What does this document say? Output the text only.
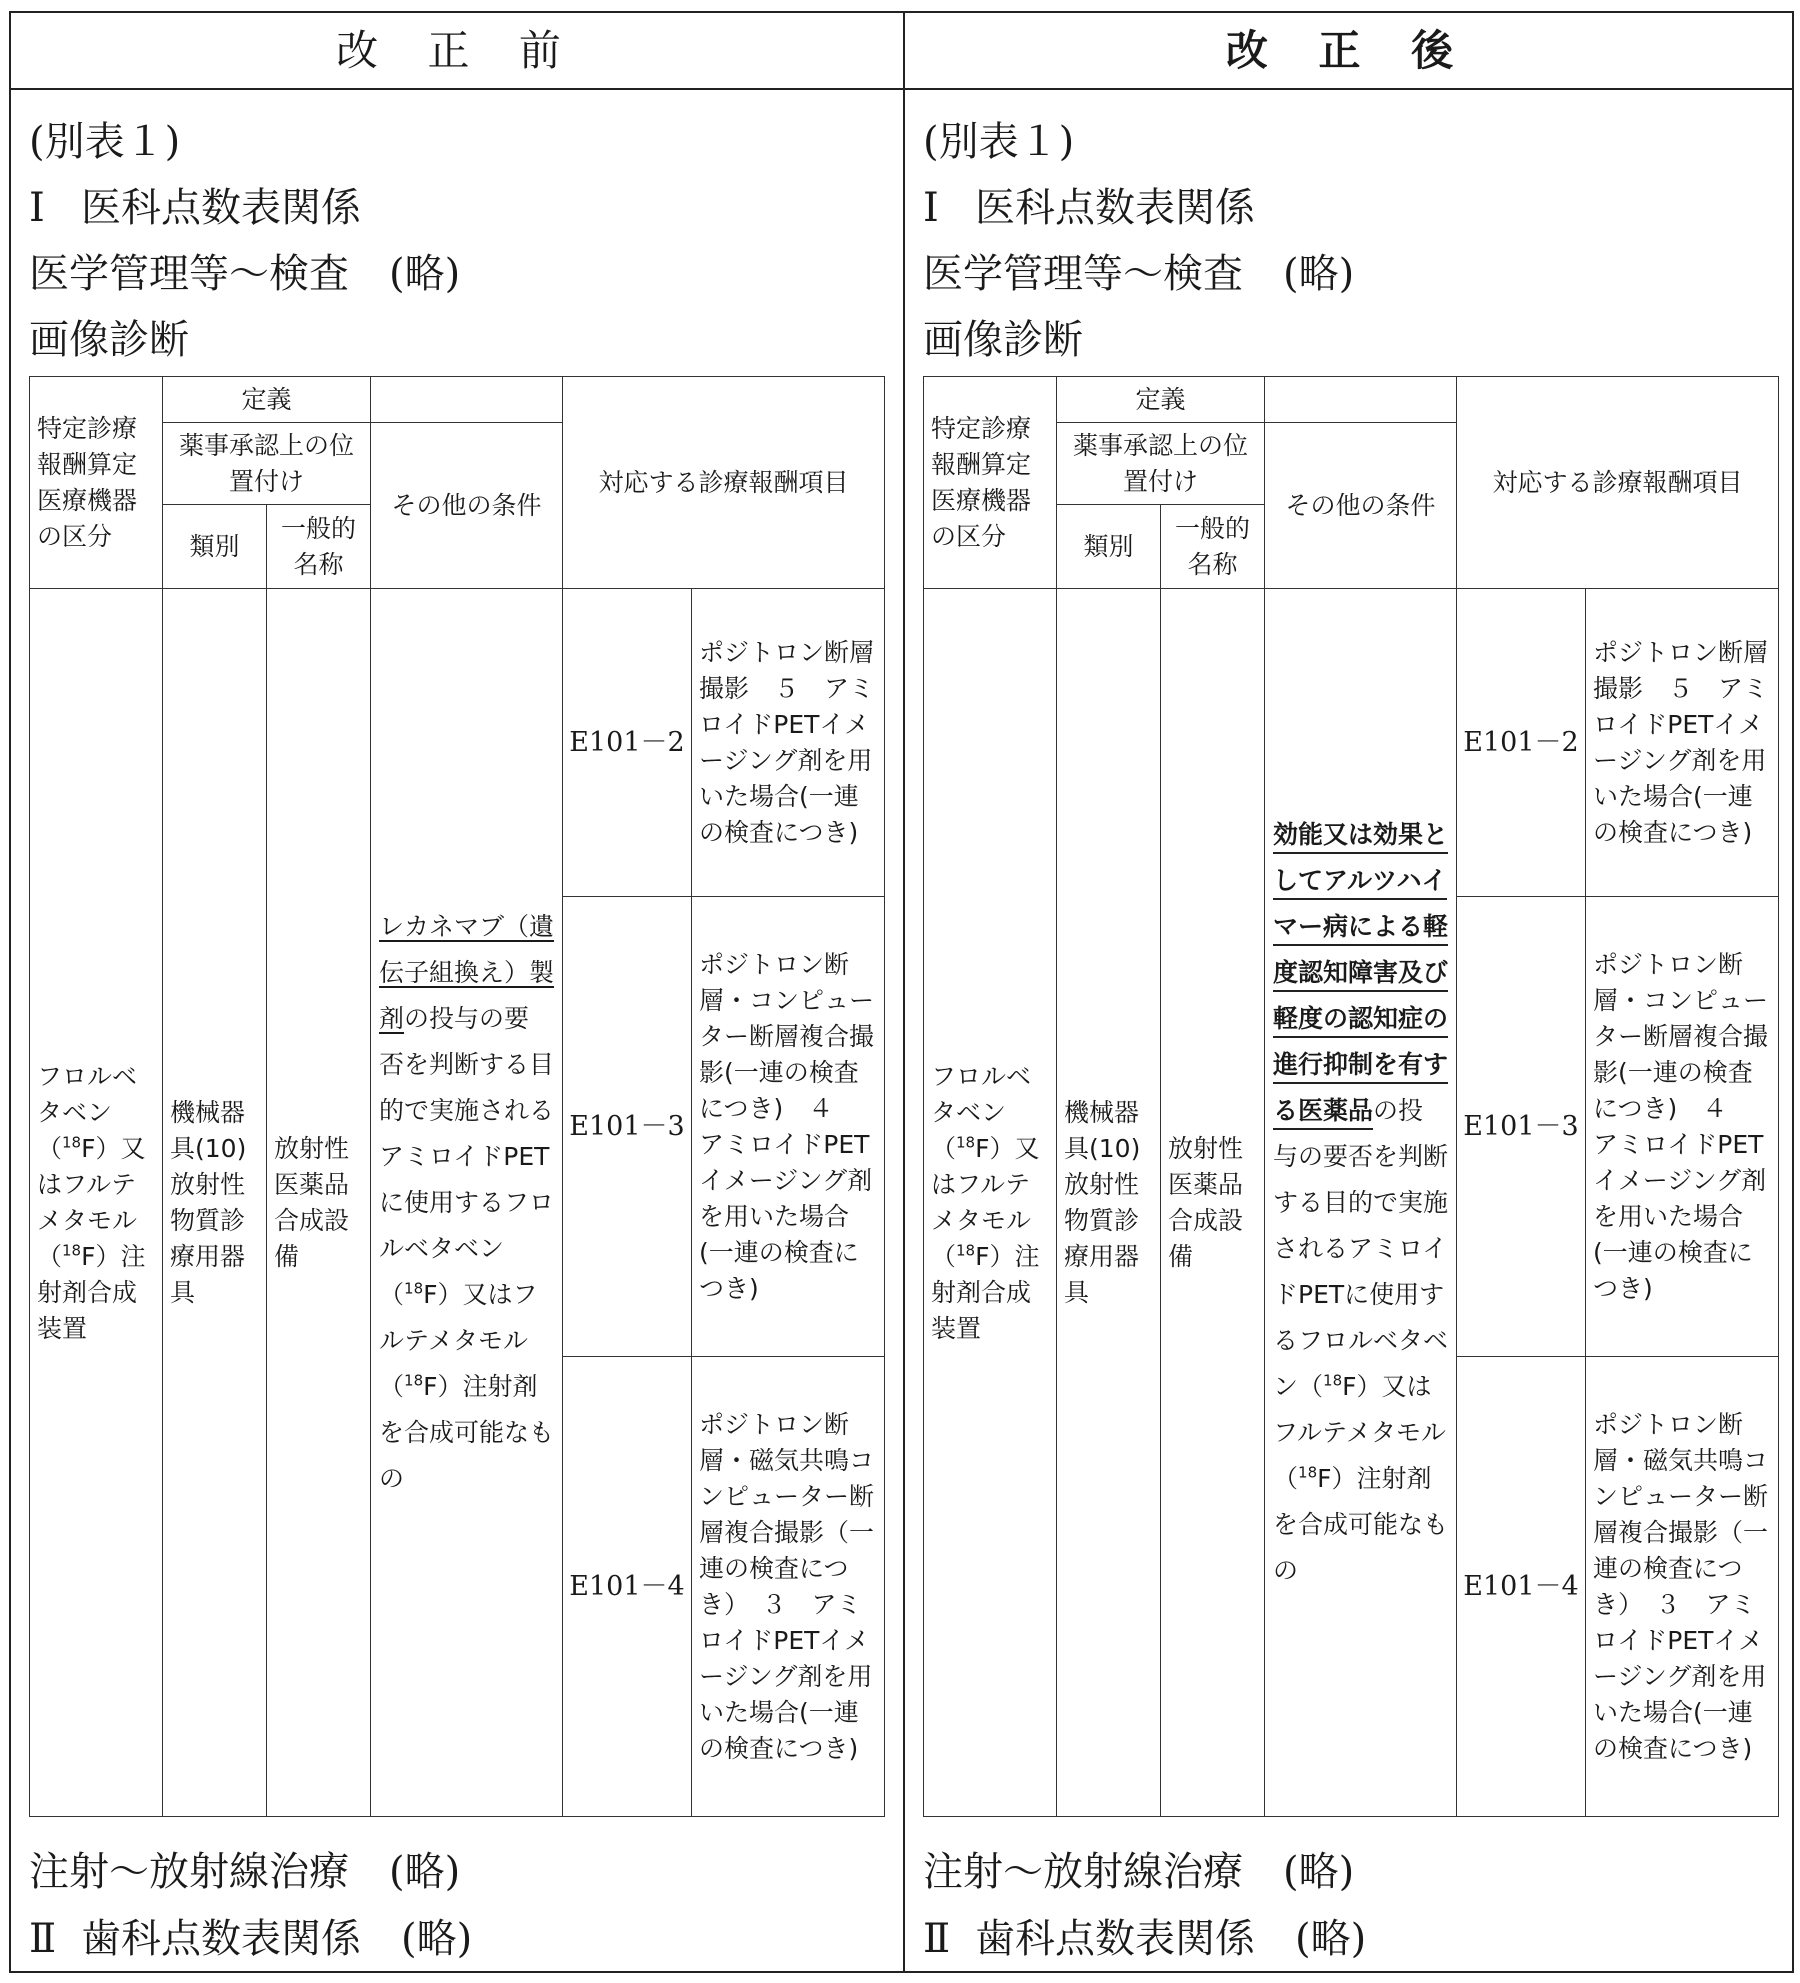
改 正 前	改 正 後
(別表１)
Ⅰ 医科点数表関係
医学管理等～検査　(略)
画像診断
特定診療報酬算定医療機器の区分	定義			対応する診療報酬項目	
	薬事承認上の位置付け		その他の条件		
	類別	一般的名称			
フロルベタベン（$^{18}$F）又はフルテメタモル（$^{18}$F）注射剤合成装置	機械器具(10)放射性物質診療用器具	放射性医薬品合成設備	レカネマブ（遺伝子組換え）製剤の投与の要否を判断する目的で実施されるアミロイドPETに使用するフロルベタベン（$^{18}$F）又はフルテメタモル（$^{18}$F）注射剤を合成可能なもの	E101－2	ポジトロン断層撮影　５　アミロイドPETイメージング剤を用いた場合(一連の検査につき)
				E101－3	ポジトロン断層・コンピューター断層複合撮影(一連の検査につき)　４　アミロイドPETイメージング剤を用いた場合(一連の検査につき)
				E101－4	ポジトロン断層・磁気共鳴コンピューター断層複合撮影（一連の検査につき）　３　アミロイドPETイメージング剤を用いた場合(一連の検査につき)
注射～放射線治療　(略)
Ⅱ 歯科点数表関係　(略)
(別表１)
Ⅰ 医科点数表関係
医学管理等～検査　(略)
画像診断
特定診療報酬算定医療機器の区分	定義			対応する診療報酬項目	
	薬事承認上の位置付け		その他の条件		
	類別	一般的名称			
フロルベタベン（$^{18}$F）又はフルテメタモル（$^{18}$F）注射剤合成装置	機械器具(10)放射性物質診療用器具	放射性医薬品合成設備	効能又は効果としてアルツハイマー病による軽度認知障害及び軽度の認知症の進行抑制を有する医薬品の投与の要否を判断する目的で実施されるアミロイドPETに使用するフロルベタベン（$^{18}$F）又はフルテメタモル（$^{18}$F）注射剤を合成可能なもの	E101－2	ポジトロン断層撮影　５　アミロイドPETイメージング剤を用いた場合(一連の検査につき)
				E101－3	ポジトロン断層・コンピューター断層複合撮影(一連の検査につき)　４　アミロイドPETイメージング剤を用いた場合(一連の検査につき)
				E101－4	ポジトロン断層・磁気共鳴コンピューター断層複合撮影（一連の検査につき）　３　アミロイドPETイメージング剤を用いた場合(一連の検査につき)
注射～放射線治療　(略)
Ⅱ 歯科点数表関係　(略)
